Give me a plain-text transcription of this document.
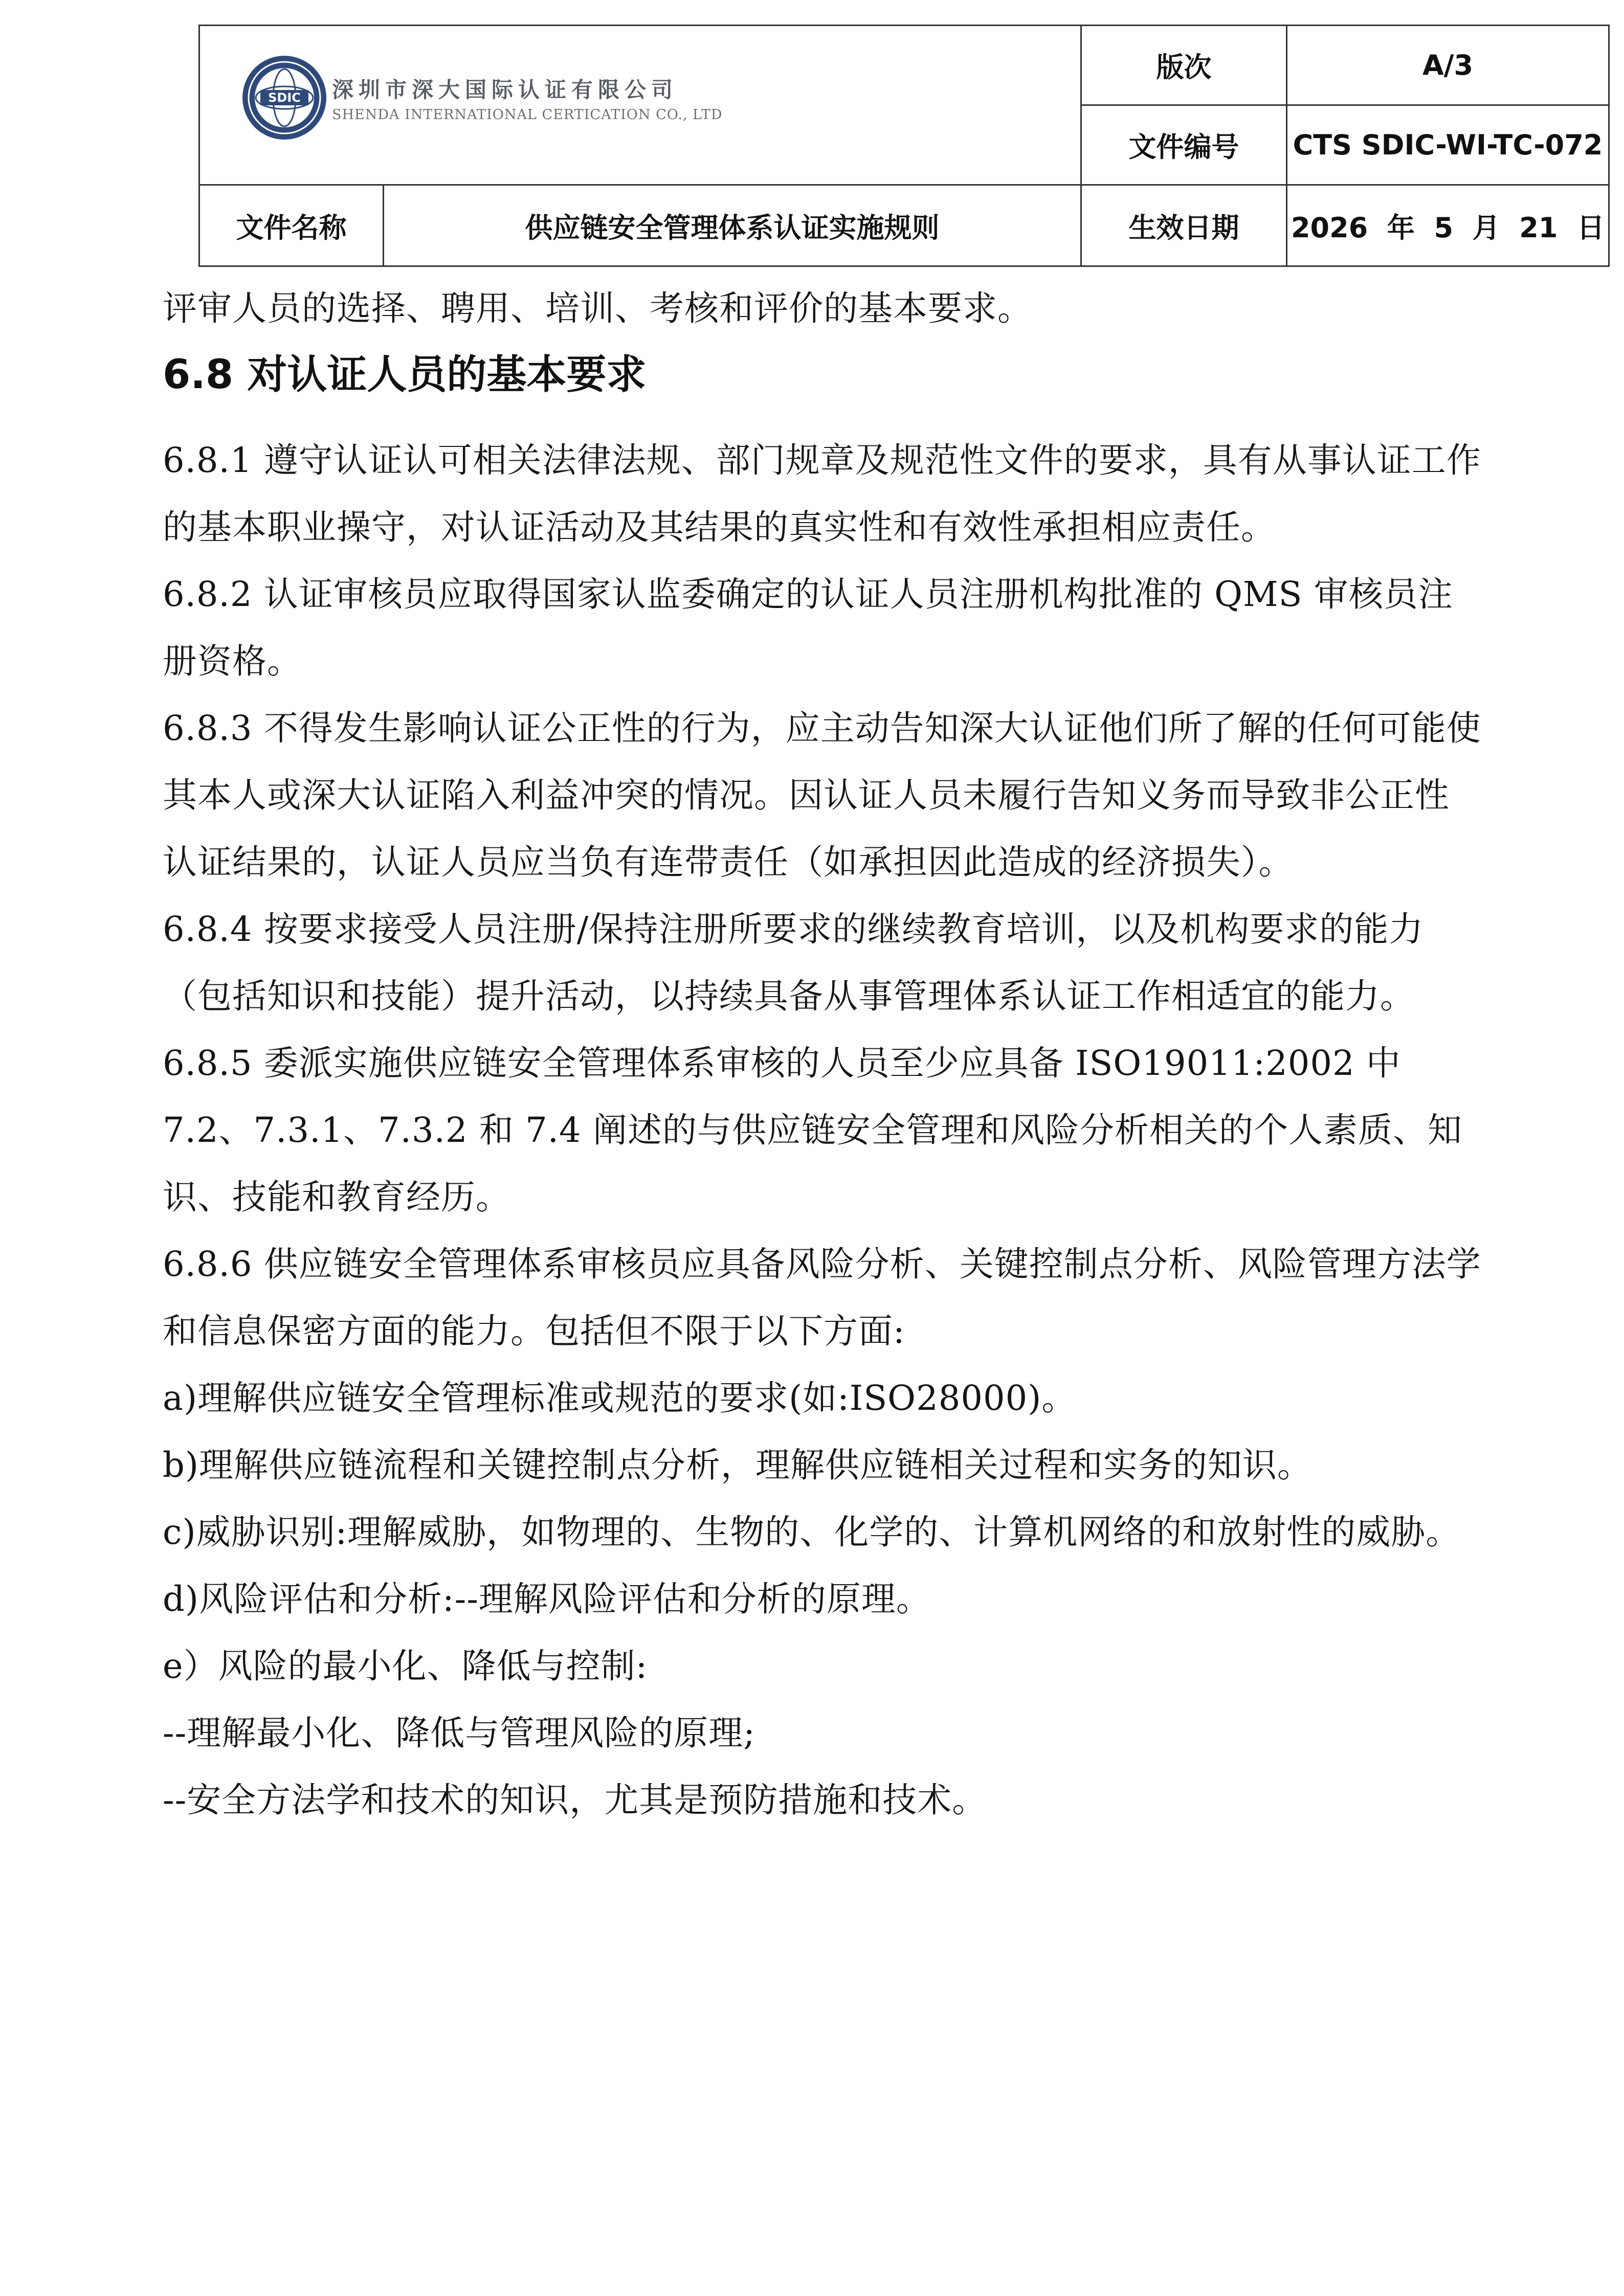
SDIC 深圳市深大国际认证有限公司
SHENDA INTERNATIONAL CERTICATION CO., LTD		版次	A/3
		文件编号	CTS SDIC-WI-TC-072
文件名称	供应链安全管理体系认证实施规则	生效日期	2026  年  5  月  21  日

评审人员的选择、聘用、培训、考核和评价的基本要求。

6.8 对认证人员的基本要求

6.8.1 遵守认证认可相关法律法规、部门规章及规范性文件的要求，具有从事认证工作的基本职业操守，对认证活动及其结果的真实性和有效性承担相应责任。

6.8.2 认证审核员应取得国家认监委确定的认证人员注册机构批准的 QMS 审核员注册资格。

6.8.3 不得发生影响认证公正性的行为，应主动告知深大认证他们所了解的任何可能使其本人或深大认证陷入利益冲突的情况。因认证人员未履行告知义务而导致非公正性认证结果的，认证人员应当负有连带责任（如承担因此造成的经济损失）。

6.8.4 按要求接受人员注册/保持注册所要求的继续教育培训，以及机构要求的能力（包括知识和技能）提升活动，以持续具备从事管理体系认证工作相适宜的能力。

6.8.5 委派实施供应链安全管理体系审核的人员至少应具备 ISO19011:2002 中7.2、7.3.1、7.3.2 和 7.4 阐述的与供应链安全管理和风险分析相关的个人素质、知识、技能和教育经历。

6.8.6 供应链安全管理体系审核员应具备风险分析、关键控制点分析、风险管理方法学和信息保密方面的能力。包括但不限于以下方面:

a)理解供应链安全管理标准或规范的要求(如:ISO28000)。

b)理解供应链流程和关键控制点分析，理解供应链相关过程和实务的知识。

c)威胁识别:理解威胁，如物理的、生物的、化学的、计算机网络的和放射性的威胁。

d)风险评估和分析:--理解风险评估和分析的原理。

e）风险的最小化、降低与控制:

--理解最小化、降低与管理风险的原理;

--安全方法学和技术的知识，尤其是预防措施和技术。
